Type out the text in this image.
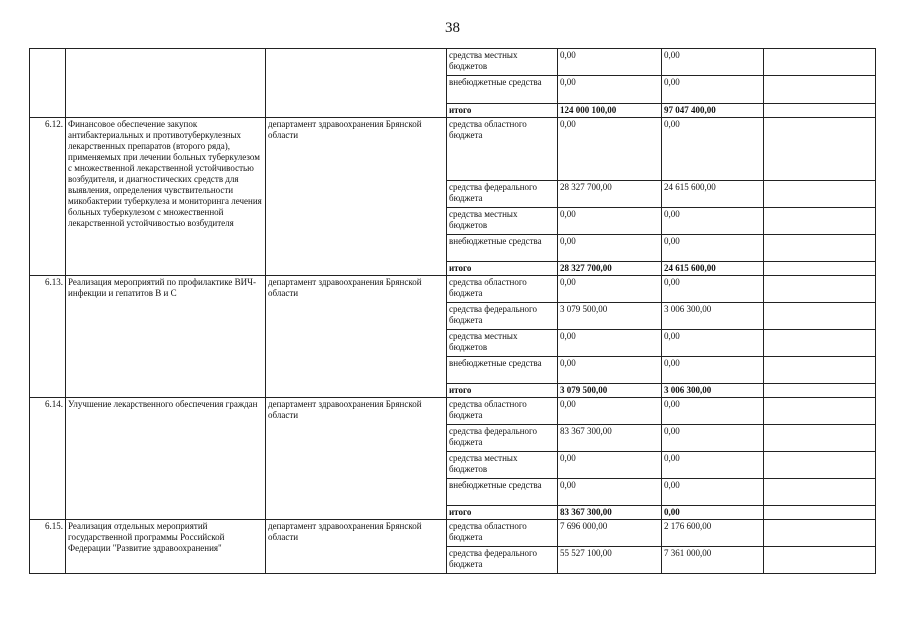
38
			средства местных бюджетов	0,00	0,00	
			внебюджетные средства	0,00	0,00	
			итого	124 000 100,00	97 047 400,00	
6.12.	Финансовое обеспечение закупок антибактериальных и противотуберкулезных лекарственных препаратов (второго ряда), применяемых при лечении больных туберкулезом с множественной лекарственной устойчивостью возбудителя, и диагностических средств для выявления, определения чувствительности микобактерии туберкулеза и мониторинга лечения больных туберкулезом с множественной лекарственной устойчивостью возбудителя	департамент здравоохранения Брянской области	средства областного бюджета	0,00	0,00	
			средства федерального бюджета	28 327 700,00	24 615 600,00	
			средства местных бюджетов	0,00	0,00	
			внебюджетные средства	0,00	0,00	
			итого	28 327 700,00	24 615 600,00	
6.13.	Реализация мероприятий по профилактике ВИЧ-инфекции и гепатитов B и C	департамент здравоохранения Брянской области	средства областного бюджета	0,00	0,00	
			средства федерального бюджета	3 079 500,00	3 006 300,00	
			средства местных бюджетов	0,00	0,00	
			внебюджетные средства	0,00	0,00	
			итого	3 079 500,00	3 006 300,00	
6.14.	Улучшение лекарственного обеспечения граждан	департамент здравоохранения Брянской области	средства областного бюджета	0,00	0,00	
			средства федерального бюджета	83 367 300,00	0,00	
			средства местных бюджетов	0,00	0,00	
			внебюджетные средства	0,00	0,00	
			итого	83 367 300,00	0,00	
6.15.	Реализация отдельных мероприятий государственной программы Российской Федерации "Развитие здравоохранения"	департамент здравоохранения Брянской области	средства областного бюджета	7 696 000,00	2 176 600,00	
			средства федерального бюджета	55 527 100,00	7 361 000,00	
